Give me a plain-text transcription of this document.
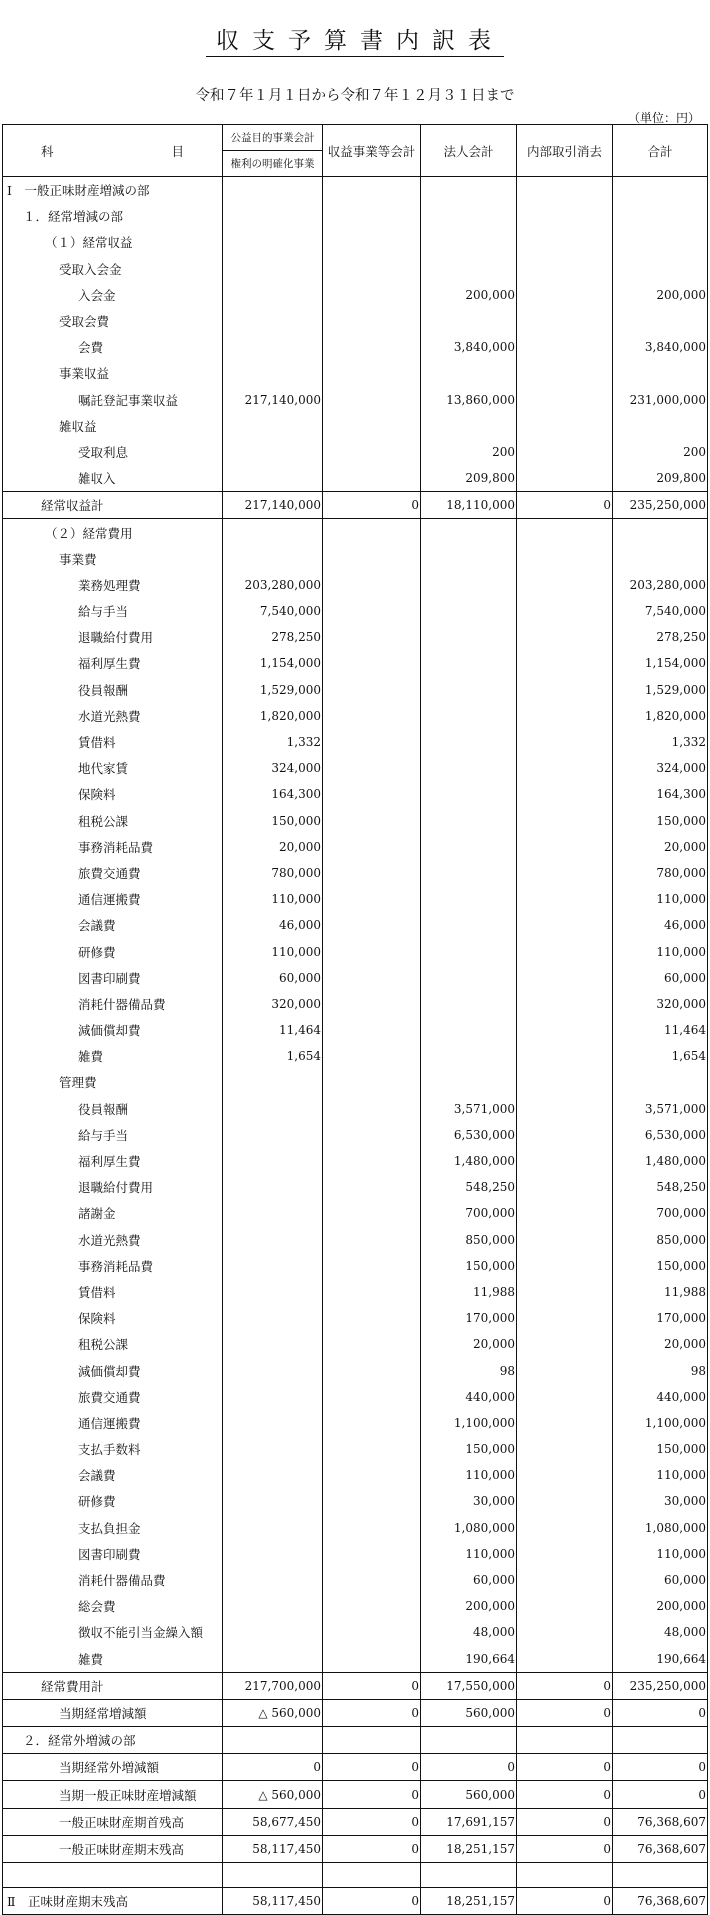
収支予算書内訳表
令和７年１月１日から令和７年１２月３１日まで
（単位：円）
科 目	公益目的事業会計	収益事業等会計	法人会計	内部取引消去	合計
	権利の明確化事業				
Ⅰ　一般正味財産増減の部					
１．経常増減の部					
（１）経常収益					
受取入会金					
入会金			200,000		200,000
受取会費					
会費			3,840,000		3,840,000
事業収益					
嘱託登記事業収益	217,140,000		13,860,000		231,000,000
雑収益					
受取利息			200		200
雑収入			209,800		209,800
経常収益計	217,140,000	0	18,110,000	0	235,250,000
（２）経常費用					
事業費					
業務処理費	203,280,000				203,280,000
給与手当	7,540,000				7,540,000
退職給付費用	278,250				278,250
福利厚生費	1,154,000				1,154,000
役員報酬	1,529,000				1,529,000
水道光熱費	1,820,000				1,820,000
賃借料	1,332				1,332
地代家賃	324,000				324,000
保険料	164,300				164,300
租税公課	150,000				150,000
事務消耗品費	20,000				20,000
旅費交通費	780,000				780,000
通信運搬費	110,000				110,000
会議費	46,000				46,000
研修費	110,000				110,000
図書印刷費	60,000				60,000
消耗什器備品費	320,000				320,000
減価償却費	11,464				11,464
雑費	1,654				1,654
管理費					
役員報酬			3,571,000		3,571,000
給与手当			6,530,000		6,530,000
福利厚生費			1,480,000		1,480,000
退職給付費用			548,250		548,250
諸謝金			700,000		700,000
水道光熱費			850,000		850,000
事務消耗品費			150,000		150,000
賃借料			11,988		11,988
保険料			170,000		170,000
租税公課			20,000		20,000
減価償却費			98		98
旅費交通費			440,000		440,000
通信運搬費			1,100,000		1,100,000
支払手数料			150,000		150,000
会議費			110,000		110,000
研修費			30,000		30,000
支払負担金			1,080,000		1,080,000
図書印刷費			110,000		110,000
消耗什器備品費			60,000		60,000
総会費			200,000		200,000
徴収不能引当金繰入額			48,000		48,000
雑費			190,664		190,664
経常費用計	217,700,000	0	17,550,000	0	235,250,000
当期経常増減額	△ 560,000	0	560,000	0	0
２．経常外増減の部					
当期経常外増減額	0	0	0	0	0
当期一般正味財産増減額	△ 560,000	0	560,000	0	0
一般正味財産期首残高	58,677,450	0	17,691,157	0	76,368,607
一般正味財産期末残高	58,117,450	0	18,251,157	0	76,368,607

Ⅱ　正味財産期末残高	58,117,450	0	18,251,157	0	76,368,607
